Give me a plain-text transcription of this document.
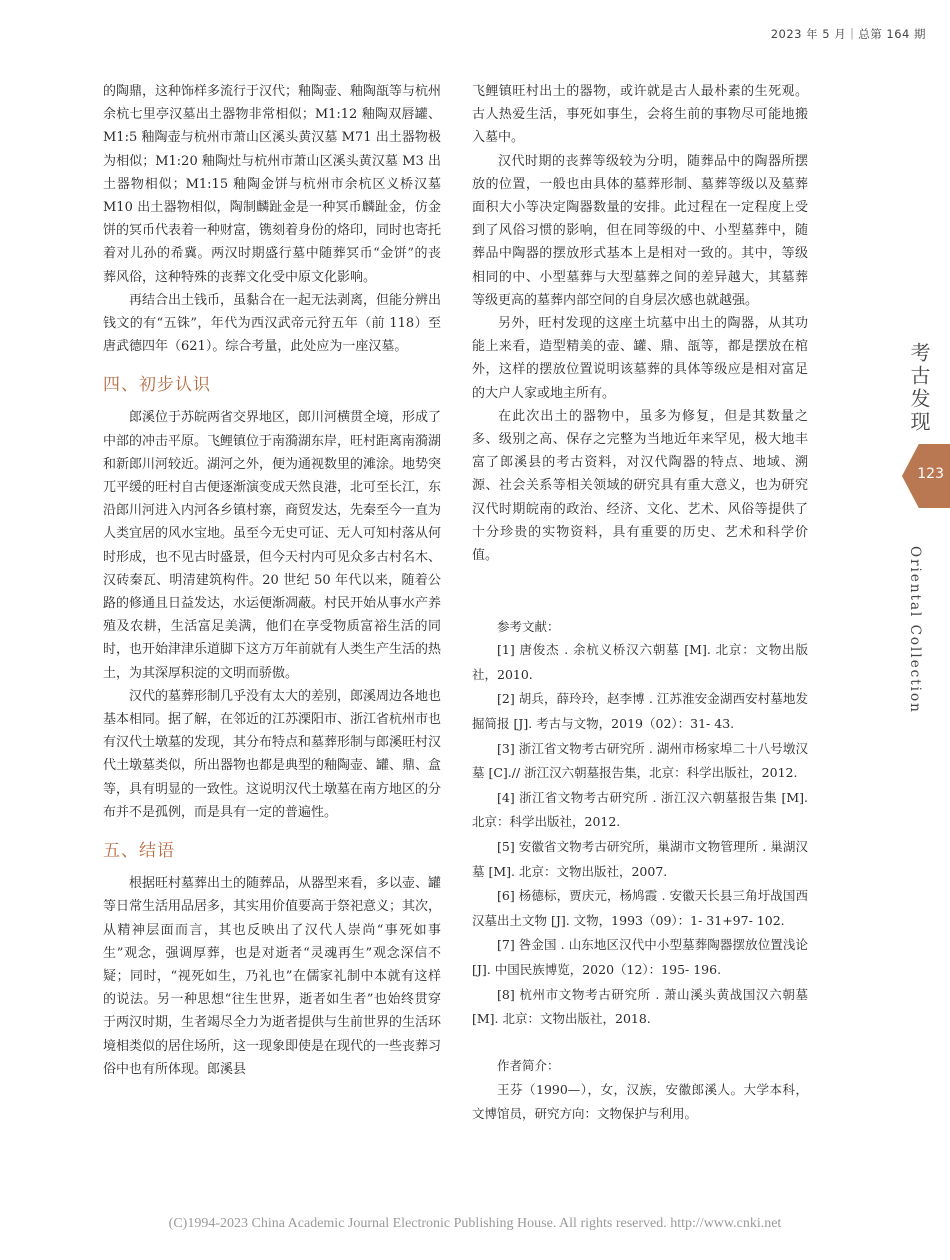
2023 年 5 月｜总第 164 期
考古发现
123
Oriental Collection

的陶鼎，这种饰样多流行于汉代；釉陶壶、釉陶瓿等与杭州余杭七里亭汉墓出土器物非常相似；M1:12 釉陶双唇罐、M1:5 釉陶壶与杭州市萧山区溪头黄汉墓 M71 出土器物极为相似；M1:20 釉陶灶与杭州市萧山区溪头黄汉墓 M3 出土器物相似；M1:15 釉陶金饼与杭州市余杭区义桥汉墓 M10 出土器物相似，陶制麟趾金是一种冥币麟趾金，仿金饼的冥币代表着一种财富，镌刻着身份的烙印，同时也寄托着对儿孙的希冀。两汉时期盛行墓中随葬冥币“金饼”的丧葬风俗，这种特殊的丧葬文化受中原文化影响。

再结合出土钱币，虽黏合在一起无法剥离，但能分辨出钱文的有“五铢”，年代为西汉武帝元狩五年（前 118）至唐武德四年（621）。综合考量，此处应为一座汉墓。

四、初步认识

郎溪位于苏皖两省交界地区，郎川河横贯全境，形成了中部的冲击平原。飞鲤镇位于南漪湖东岸，旺村距离南漪湖和新郎川河较近。湖河之外，便为通视数里的滩涂。地势突兀平缓的旺村自古便逐渐演变成天然良港，北可至长江，东沿郎川河进入内河各乡镇村寨，商贸发达，先秦至今一直为人类宜居的风水宝地。虽至今无史可证、无人可知村落从何时形成，也不见古时盛景，但今天村内可见众多古村名木、汉砖秦瓦、明清建筑构件。20 世纪 50 年代以来，随着公路的修通且日益发达，水运便渐凋蔽。村民开始从事水产养殖及农耕，生活富足美满，他们在享受物质富裕生活的同时，也开始津津乐道脚下这方万年前就有人类生产生活的热土，为其深厚积淀的文明而骄傲。

汉代的墓葬形制几乎没有太大的差别，郎溪周边各地也基本相同。据了解，在邻近的江苏溧阳市、浙江省杭州市也有汉代土墩墓的发现，其分布特点和墓葬形制与郎溪旺村汉代土墩墓类似，所出器物也都是典型的釉陶壶、罐、鼎、盒等，具有明显的一致性。这说明汉代土墩墓在南方地区的分布并不是孤例，而是具有一定的普遍性。

五、结语

根据旺村墓葬出土的随葬品，从器型来看，多以壶、罐等日常生活用品居多，其实用价值要高于祭祀意义；其次，从精神层面而言，其也反映出了汉代人崇尚“事死如事生”观念，强调厚葬，也是对逝者“灵魂再生”观念深信不疑；同时，“视死如生，乃礼也”在儒家礼制中本就有这样的说法。另一种思想“往生世界，逝者如生者”也始终贯穿于两汉时期，生者竭尽全力为逝者提供与生前世界的生活环境相类似的居住场所，这一现象即使是在现代的一些丧葬习俗中也有所体现。郎溪县

飞鲤镇旺村出土的器物，或许就是古人最朴素的生死观。古人热爱生活，事死如事生，会将生前的事物尽可能地搬入墓中。

汉代时期的丧葬等级较为分明，随葬品中的陶器所摆放的位置，一般也由具体的墓葬形制、墓葬等级以及墓葬面积大小等决定陶器数量的安排。此过程在一定程度上受到了风俗习惯的影响，但在同等级的中、小型墓葬中，随葬品中陶器的摆放形式基本上是相对一致的。其中，等级相同的中、小型墓葬与大型墓葬之间的差异越大，其墓葬等级更高的墓葬内部空间的自身层次感也就越强。

另外，旺村发现的这座土坑墓中出土的陶器，从其功能上来看，造型精美的壶、罐、鼎、瓿等，都是摆放在棺外，这样的摆放位置说明该墓葬的具体等级应是相对富足的大户人家或地主所有。

在此次出土的器物中，虽多为修复，但是其数量之多、级别之高、保存之完整为当地近年来罕见，极大地丰富了郎溪县的考古资料，对汉代陶器的特点、地域、溯源、社会关系等相关领域的研究具有重大意义，也为研究汉代时期皖南的政治、经济、文化、艺术、风俗等提供了十分珍贵的实物资料，具有重要的历史、艺术和科学价值。

参考文献：

[1] 唐俊杰 . 余杭义桥汉六朝墓 [M]. 北京：文物出版社，2010.

[2] 胡兵，薛玲玲，赵李博 . 江苏淮安金湖西安村墓地发掘简报 [J]. 考古与文物，2019（02）：31- 43.

[3] 浙江省文物考古研究所 . 湖州市杨家埠二十八号墩汉墓 [C].// 浙江汉六朝墓报告集，北京：科学出版社，2012.

[4] 浙江省文物考古研究所 . 浙江汉六朝墓报告集 [M]. 北京：科学出版社，2012.

[5] 安徽省文物考古研究所，巢湖市文物管理所 . 巢湖汉墓 [M]. 北京：文物出版社，2007.

[6] 杨德标，贾庆元，杨鸠霞 . 安徽天长县三角圩战国西汉墓出土文物 [J]. 文物，1993（09）：1- 31+97- 102.

[7] 咎金国 . 山东地区汉代中小型墓葬陶器摆放位置浅论 [J]. 中国民族博览，2020（12）：195- 196.

[8] 杭州市文物考古研究所 . 萧山溪头黄战国汉六朝墓 [M]. 北京：文物出版社，2018.

作者简介：

王芬（1990—），女，汉族，安徽郎溪人。大学本科，文博馆员，研究方向：文物保护与利用。

(C)1994-2023 China Academic Journal Electronic Publishing House. All rights reserved. http://www.cnki.net
